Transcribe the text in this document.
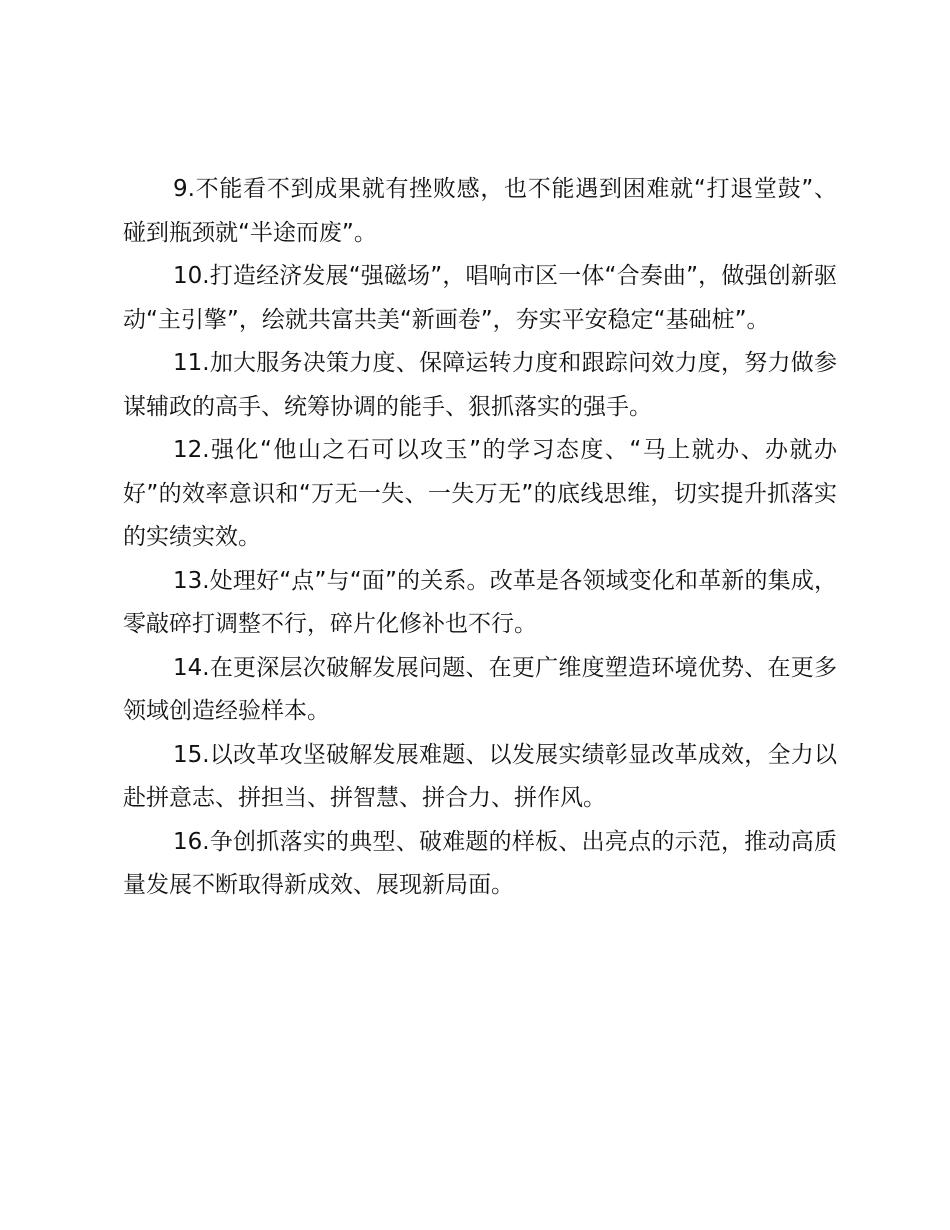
9.不能看不到成果就有挫败感，也不能遇到困难就“打退堂鼓”、碰到瓶颈就“半途而废”。

10.打造经济发展“强磁场”，唱响市区一体“合奏曲”，做强创新驱动“主引擎”，绘就共富共美“新画卷”，夯实平安稳定“基础桩”。

11.加大服务决策力度、保障运转力度和跟踪问效力度，努力做参谋辅政的高手、统筹协调的能手、狠抓落实的强手。

12.强化“他山之石可以攻玉”的学习态度、“马上就办、办就办好”的效率意识和“万无一失、一失万无”的底线思维，切实提升抓落实的实绩实效。

13.处理好“点”与“面”的关系。改革是各领域变化和革新的集成，零敲碎打调整不行，碎片化修补也不行。

14.在更深层次破解发展问题、在更广维度塑造环境优势、在更多领域创造经验样本。

15.以改革攻坚破解发展难题、以发展实绩彰显改革成效，全力以赴拼意志、拼担当、拼智慧、拼合力、拼作风。

16.争创抓落实的典型、破难题的样板、出亮点的示范，推动高质量发展不断取得新成效、展现新局面。
